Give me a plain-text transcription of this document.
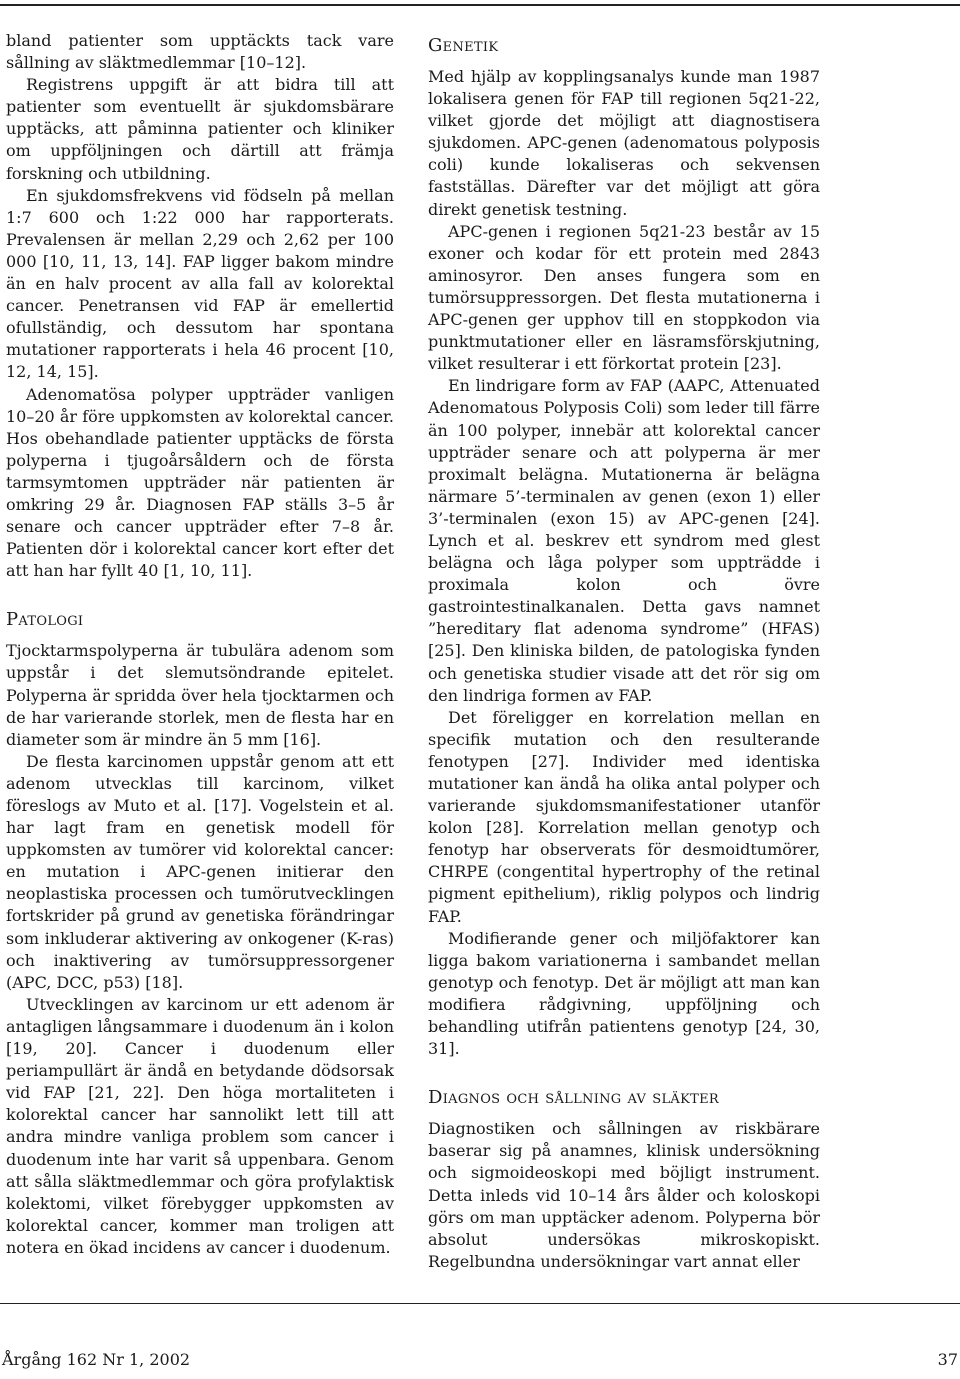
bland patienter som upptäckts tack vare sållning av släktmedlemmar [10–12].

Registrens uppgift är att bidra till att patienter som eventuellt är sjukdomsbärare upptäcks, att påminna patienter och kliniker om uppföljningen och därtill att främja forskning och utbildning.

En sjukdomsfrekvens vid födseln på mellan 1:7 600 och 1:22 000 har rapporterats. Prevalensen är mellan 2,29 och 2,62 per 100 000 [10, 11, 13, 14]. FAP ligger bakom mindre än en halv procent av alla fall av kolorektal cancer. Penetransen vid FAP är emellertid ofullständig, och dessutom har spontana mutationer rapporterats i hela 46 procent [10, 12, 14, 15].

Adenomatösa polyper uppträder vanligen 10–20 år före uppkomsten av kolorektal cancer. Hos obehandlade patienter upptäcks de första polyperna i tjugoårsåldern och de första tarmsymtomen uppträder när patienten är omkring 29 år. Diagnosen FAP ställs 3–5 år senare och cancer uppträder efter 7–8 år. Patienten dör i kolorektal cancer kort efter det att han har fyllt 40 [1, 10, 11].

Patologi

Tjocktarmspolyperna är tubulära adenom som uppstår i det slemutsöndrande epitelet. Polyperna är spridda över hela tjocktarmen och de har varierande storlek, men de flesta har en diameter som är mindre än 5 mm [16].

De flesta karcinomen uppstår genom att ett adenom utvecklas till karcinom, vilket föreslogs av Muto et al. [17]. Vogelstein et al. har lagt fram en genetisk modell för uppkomsten av tumörer vid kolorektal cancer: en mutation i APC-genen initierar den neoplastiska processen och tumörutvecklingen fortskrider på grund av genetiska förändringar som inkluderar aktivering av onkogener (K-ras) och inaktivering av tumörsuppressorgener (APC, DCC, p53) [18].

Utvecklingen av karcinom ur ett adenom är antagligen långsammare i duodenum än i kolon [19, 20]. Cancer i duodenum eller periampullärt är ändå en betydande dödsorsak vid FAP [21, 22]. Den höga mortaliteten i kolorektal cancer har sannolikt lett till att andra mindre vanliga problem som cancer i duodenum inte har varit så uppenbara. Genom att sålla släktmedlemmar och göra profylaktisk kolektomi, vilket förebygger uppkomsten av kolorektal cancer, kommer man troligen att notera en ökad incidens av cancer i duodenum.

Genetik

Med hjälp av kopplingsanalys kunde man 1987 lokalisera genen för FAP till regionen 5q21-22, vilket gjorde det möjligt att diagnostisera sjukdomen. APC-genen (adenomatous polyposis coli) kunde lokaliseras och sekvensen fastställas. Därefter var det möjligt att göra direkt genetisk testning.

APC-genen i regionen 5q21-23 består av 15 exoner och kodar för ett protein med 2843 aminosyror. Den anses fungera som en tumörsuppressorgen. Det flesta mutationerna i APC-genen ger upphov till en stoppkodon via punktmutationer eller en läsramsförskjutning, vilket resulterar i ett förkortat protein [23].

En lindrigare form av FAP (AAPC, Attenuated Adenomatous Polyposis Coli) som leder till färre än 100 polyper, innebär att kolorektal cancer uppträder senare och att polyperna är mer proximalt belägna. Mutationerna är belägna närmare 5’-terminalen av genen (exon 1) eller 3’-terminalen (exon 15) av APC-genen [24]. Lynch et al. beskrev ett syndrom med glest belägna och låga polyper som uppträdde i proximala kolon och övre gastrointestinalkanalen. Detta gavs namnet ”hereditary flat adenoma syndrome” (HFAS) [25]. Den kliniska bilden, de patologiska fynden och genetiska studier visade att det rör sig om den lindriga formen av FAP.

Det föreligger en korrelation mellan en specifik mutation och den resulterande fenotypen [27]. Individer med identiska mutationer kan ändå ha olika antal polyper och varierande sjukdomsmanifestationer utanför kolon [28]. Korrelation mellan genotyp och fenotyp har observerats för desmoidtumörer, CHRPE (congentital hypertrophy of the retinal pigment epithelium), riklig polypos och lindrig FAP.

Modifierande gener och miljöfaktorer kan ligga bakom variationerna i sambandet mellan genotyp och fenotyp. Det är möjligt att man kan modifiera rådgivning, uppföljning och behandling utifrån patientens genotyp [24, 30, 31].

Diagnos och sållning av släkter

Diagnostiken och sållningen av riskbärare baserar sig på anamnes, klinisk undersökning och sigmoideoskopi med böjligt instrument. Detta inleds vid 10–14 års ålder och koloskopi görs om man upptäcker adenom. Polyperna bör absolut undersökas mikroskopiskt. Regelbundna undersökningar vart annat eller

Årgång 162 Nr 1, 2002	37
